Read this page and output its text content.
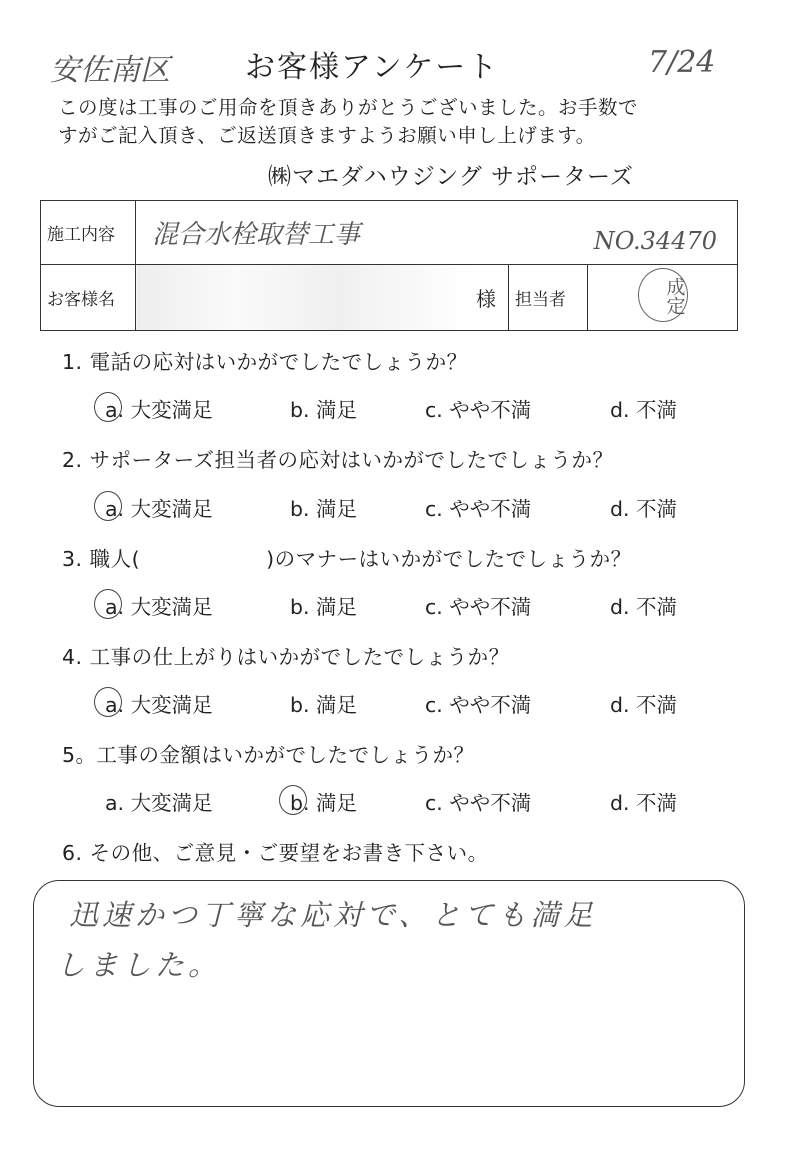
安佐南区	お客様アンケート	7/24
この度は工事のご用命を頂きありがとうございました。お手数で
すがご記入頂き、ご返送頂きますようお願い申し上げます。
㈱マエダハウジング サポーターズ
施工内容	混合水栓取替工事 NO.34470			

お客様名		様	担当者	成定
1. 電話の応対はいかがでしたでしょうか？
2. サポーターズ担当者の応対はいかがでしたでしょうか？
3. 職人(　　　　　　)のマナーはいかがでしたでしょうか？
4. 工事の仕上がりはいかがでしたでしょうか？
5。工事の金額はいかがでしたでしょうか？
a. 大変満足	b. 満足	c. やや不満	d. 不満
a. 大変満足	b. 満足	c. やや不満	d. 不満
a. 大変満足	b. 満足	c. やや不満	d. 不満
a. 大変満足	b. 満足	c. やや不満	d. 不満
a. 大変満足	b. 満足	c. やや不満	d. 不満
6. その他、ご意見・ご要望をお書き下さい。
迅速かつ丁寧な応対で、とても満足
しました。
